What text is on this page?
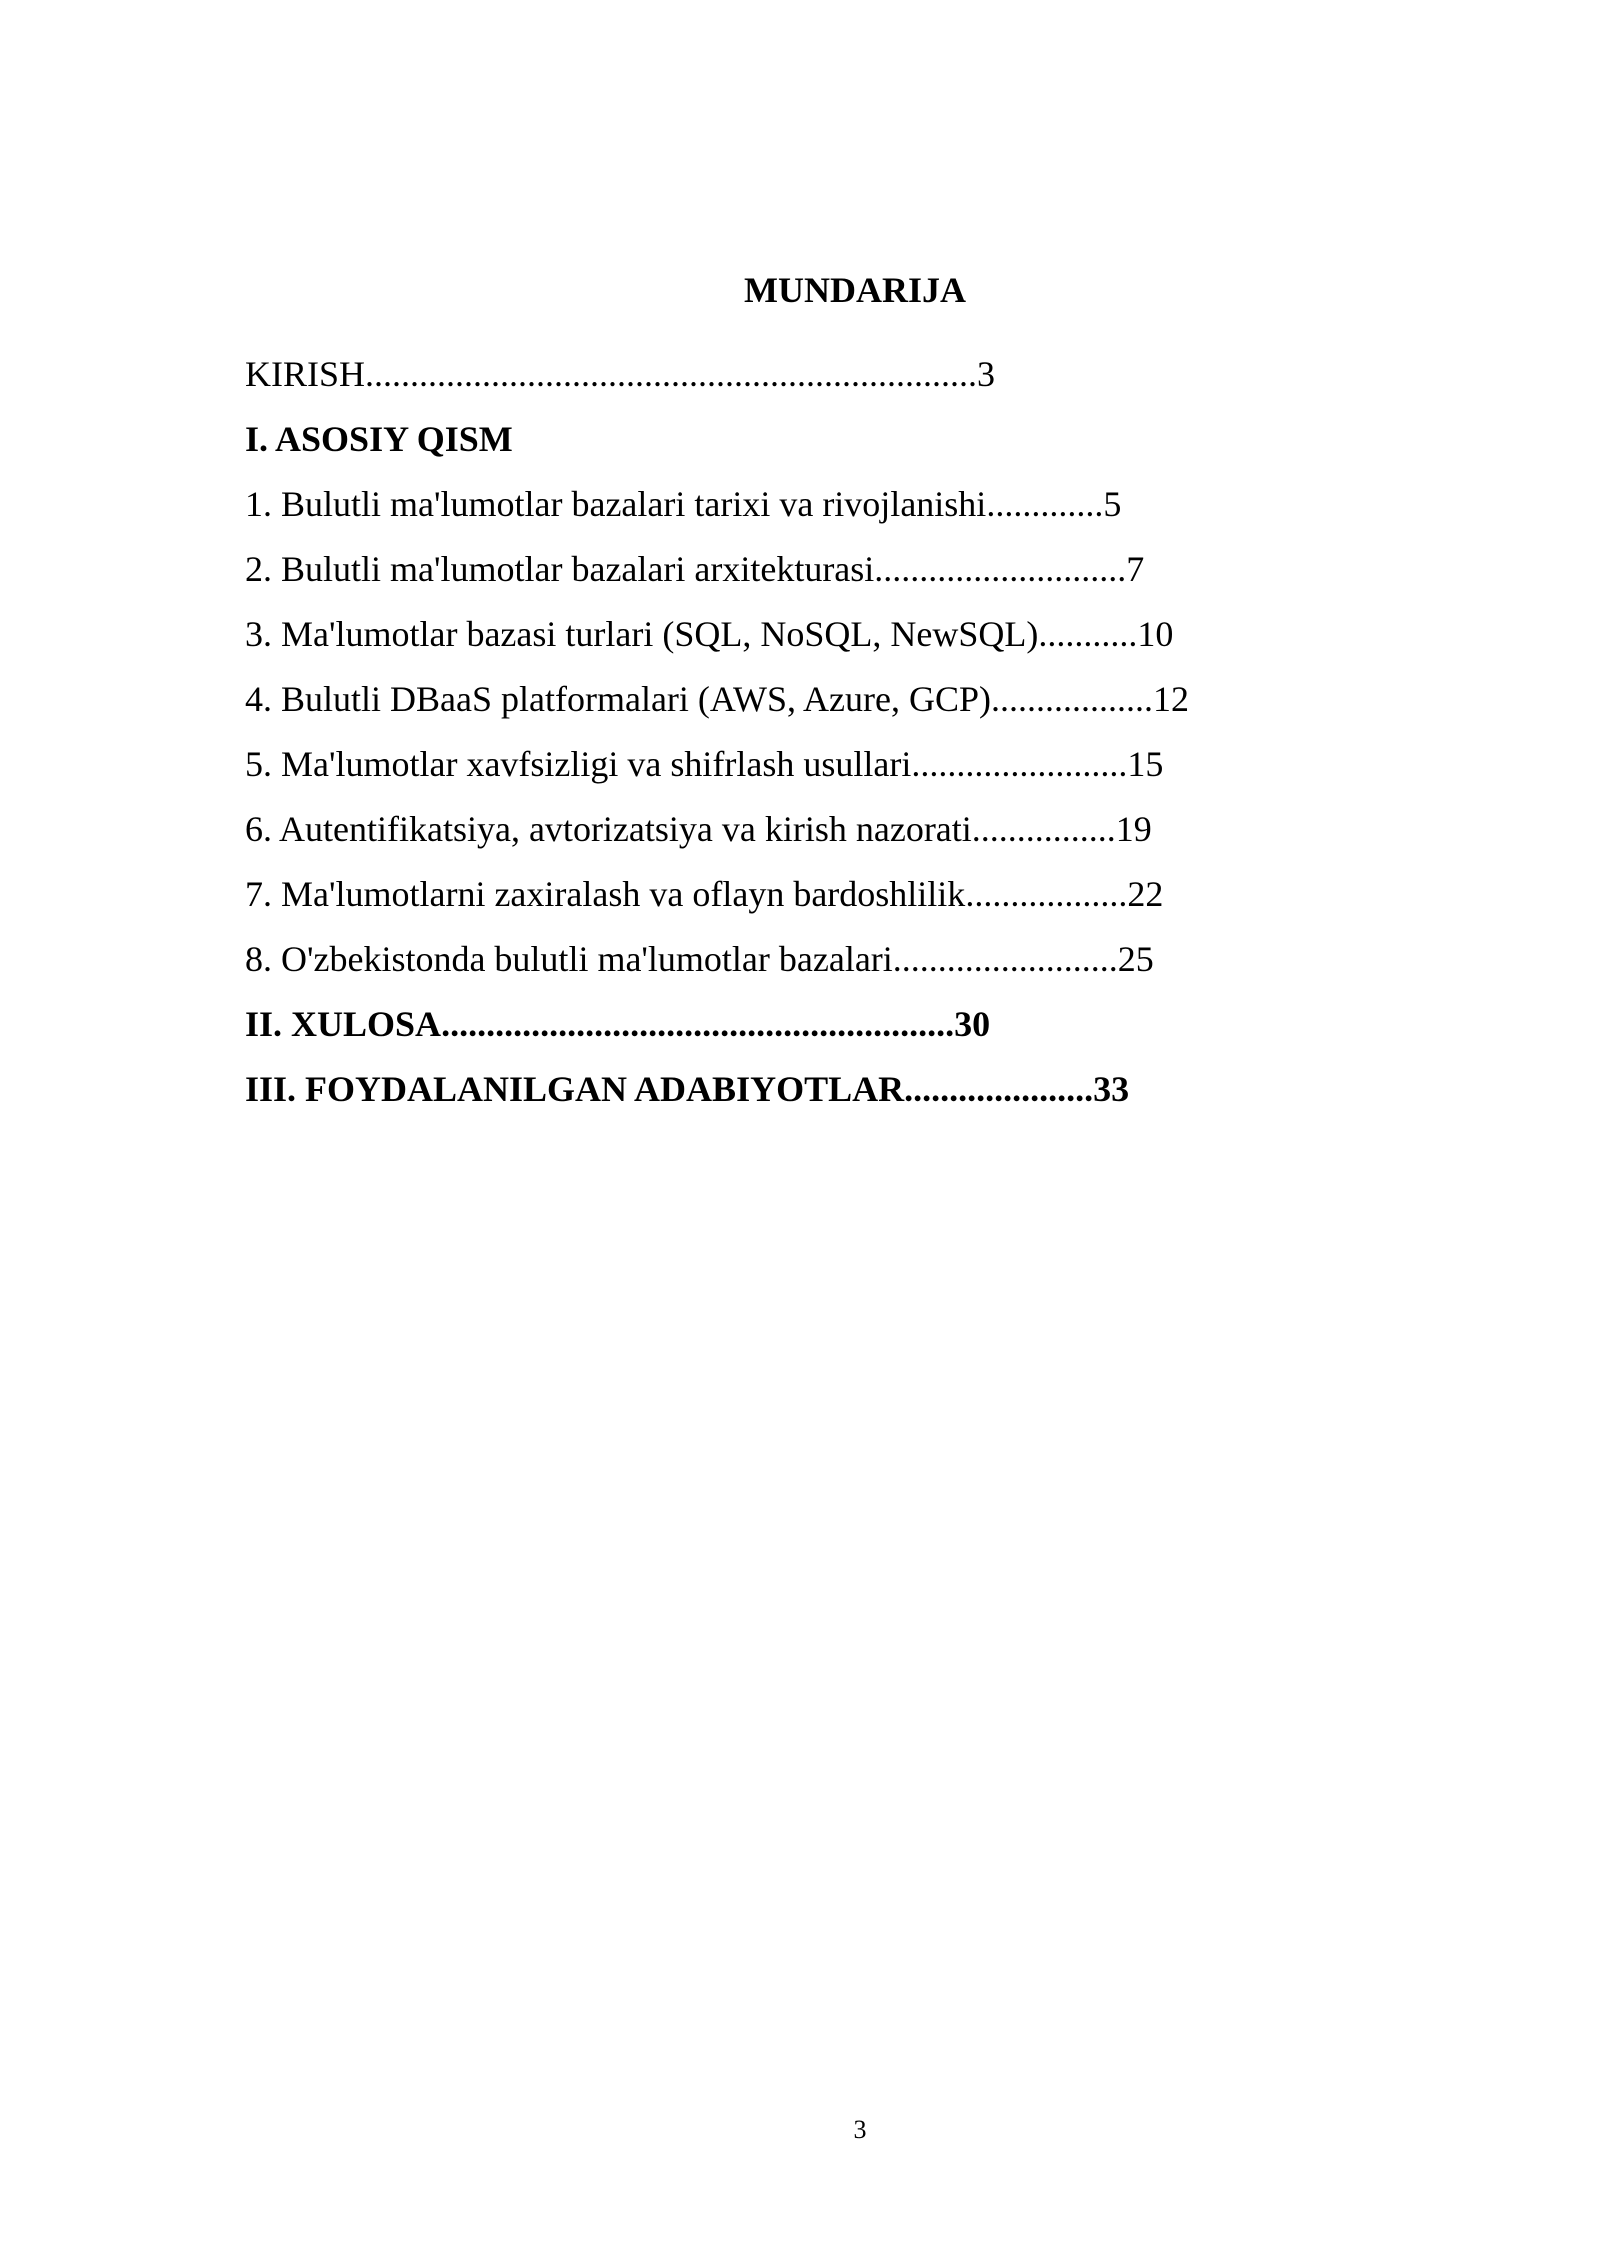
MUNDARIJA
KIRISH....................................................................3
I. ASOSIY QISM
1. Bulutli ma'lumotlar bazalari tarixi va rivojlanishi.............5
2. Bulutli ma'lumotlar bazalari arxitekturasi............................7
3. Ma'lumotlar bazasi turlari (SQL, NoSQL, NewSQL)...........10
4. Bulutli DBaaS platformalari (AWS, Azure, GCP)..................12
5. Ma'lumotlar xavfsizligi va shifrlash usullari........................15
6. Autentifikatsiya, avtorizatsiya va kirish nazorati................19
7. Ma'lumotlarni zaxiralash va oflayn bardoshlilik..................22
8. O'zbekistonda bulutli ma'lumotlar bazalari.........................25
II. XULOSA.........................................................30
III. FOYDALANILGAN ADABIYOTLAR.....................33
3
